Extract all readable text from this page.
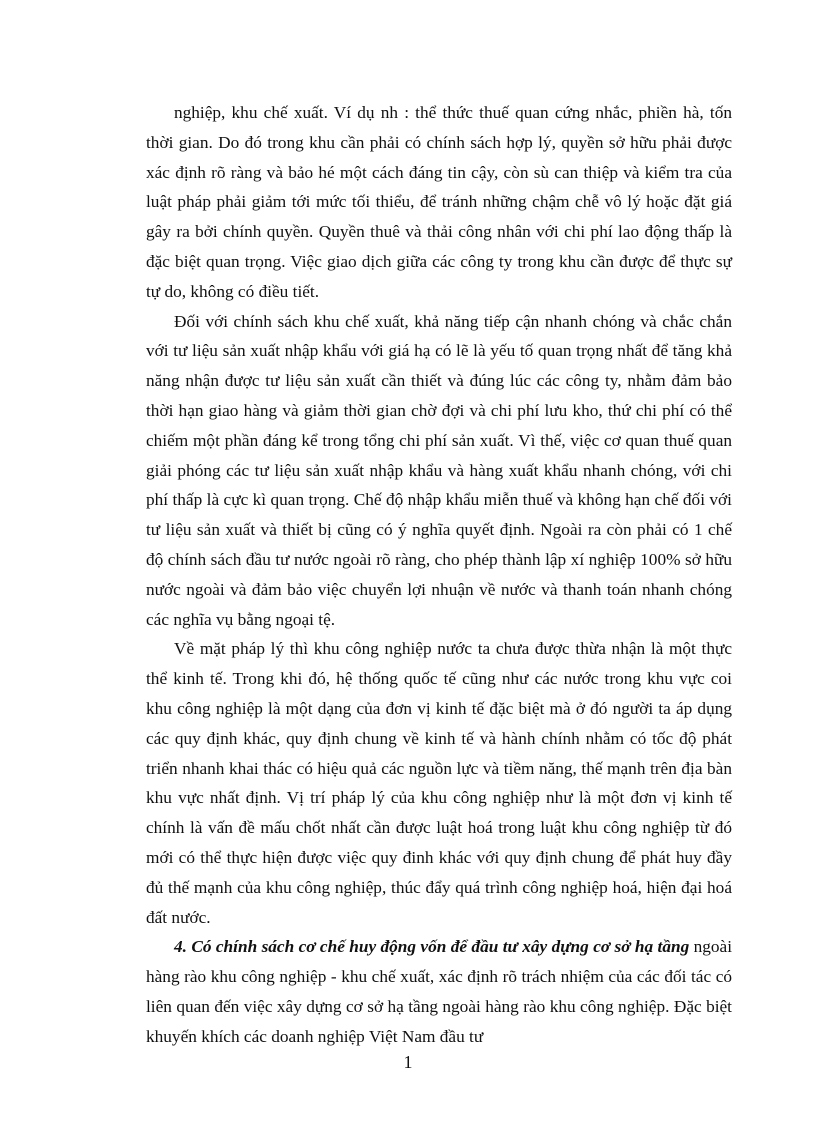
nghiệp, khu chế xuất. Ví dụ nh : thể thức thuế quan cứng nhắc, phiền hà, tốn thời gian. Do đó trong khu cần phải có chính sách hợp lý, quyền sở hữu phải được xác định rõ ràng và bảo hé một cách đáng tin cậy, còn sù can thiệp và kiểm tra của luật pháp phải giảm tới mức tối thiểu, để tránh những chậm chễ vô lý hoặc đặt giá gây ra bởi chính quyền. Quyền thuê và thải công nhân với chi phí lao động thấp là đặc biệt quan trọng. Việc giao dịch giữa các công ty trong khu cần được để thực sự tự do, không có điều tiết.

Đối với chính sách khu chế xuất, khả năng tiếp cận nhanh chóng và chắc chắn với tư liệu sản xuất nhập khẩu với giá hạ có lẽ là yếu tố quan trọng nhất để tăng khả năng nhận được tư liệu sản xuất cần thiết và đúng lúc các công ty, nhằm đảm bảo thời hạn giao hàng và giảm thời gian chờ đợi và chi phí lưu kho, thứ chi phí có thể chiếm một phần đáng kể trong tổng chi phí sản xuất. Vì thế, việc cơ quan thuế quan giải phóng các tư liệu sản xuất nhập khẩu và hàng xuất khẩu nhanh chóng, với chi phí thấp là cực kì quan trọng. Chế độ nhập khẩu miễn thuế và không hạn chế đối với tư liệu sản xuất và thiết bị cũng có ý nghĩa quyết định. Ngoài ra còn phải có 1 chế độ chính sách đầu tư nước ngoài rõ ràng, cho phép thành lập xí nghiệp 100% sở hữu nước ngoài và đảm bảo việc chuyển lợi nhuận về nước và thanh toán nhanh chóng các nghĩa vụ bằng ngoại tệ.

Về mặt pháp lý thì khu công nghiệp nước ta chưa được thừa nhận là một thực thể kinh tế. Trong khi đó, hệ thống quốc tế cũng như các nước trong khu vực coi khu công nghiệp là một dạng của đơn vị kinh tế đặc biệt mà ở đó người ta áp dụng các quy định khác, quy định chung về kinh tế và hành chính nhằm có tốc độ phát triển nhanh khai thác có hiệu quả các nguồn lực và tiềm năng, thế mạnh trên địa bàn khu vực nhất định. Vị trí pháp lý của khu công nghiệp như là một đơn vị kinh tế chính là vấn đề mấu chốt nhất cần được luật hoá trong luật khu công nghiệp từ đó mới có thể thực hiện được việc quy đinh khác với quy định chung để phát huy đầy đủ thế mạnh của khu công nghiệp, thúc đẩy quá trình công nghiệp hoá, hiện đại hoá đất nước.

4. Có chính sách cơ chế huy động vốn để đầu tư xây dựng cơ sở hạ tầng ngoài hàng rào khu công nghiệp - khu chế xuất, xác định rõ trách nhiệm của các đối tác có liên quan đến việc xây dựng cơ sở hạ tầng ngoài hàng rào khu công nghiệp. Đặc biệt khuyến khích các doanh nghiệp Việt Nam đầu tư

1
